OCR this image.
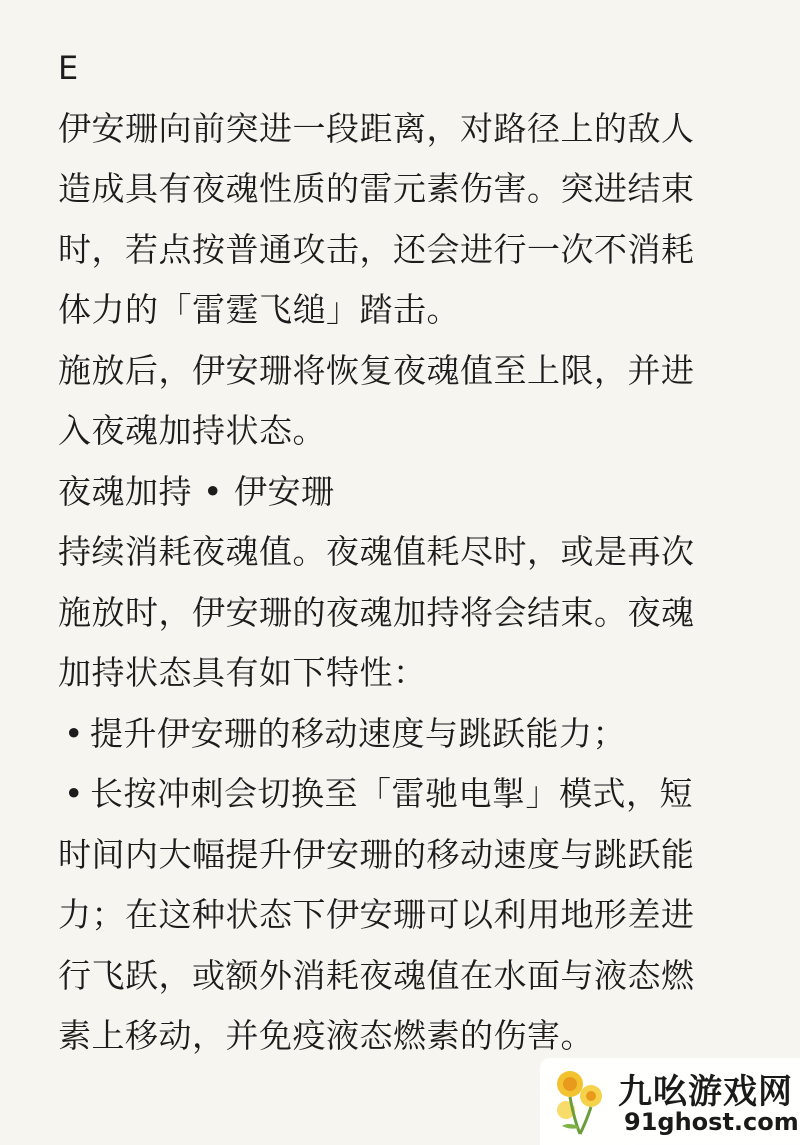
E
伊安珊向前突进一段距离，对路径上的敌人
造成具有夜魂性质的雷元素伤害。突进结束
时，若点按普通攻击，还会进行一次不消耗
体力的「雷霆飞缒」踏击。
施放后，伊安珊将恢复夜魂值至上限，并进
入夜魂加持状态。
夜魂加持 • 伊安珊
持续消耗夜魂值。夜魂值耗尽时，或是再次
施放时，伊安珊的夜魂加持将会结束。夜魂
加持状态具有如下特性：
• 提升伊安珊的移动速度与跳跃能力；
• 长按冲刺会切换至「雷驰电掣」模式，短
时间内大幅提升伊安珊的移动速度与跳跃能
力；在这种状态下伊安珊可以利用地形差进
行飞跃，或额外消耗夜魂值在水面与液态燃
素上移动，并免疫液态燃素的伤害。
九吆游戏网
91ghost.com
